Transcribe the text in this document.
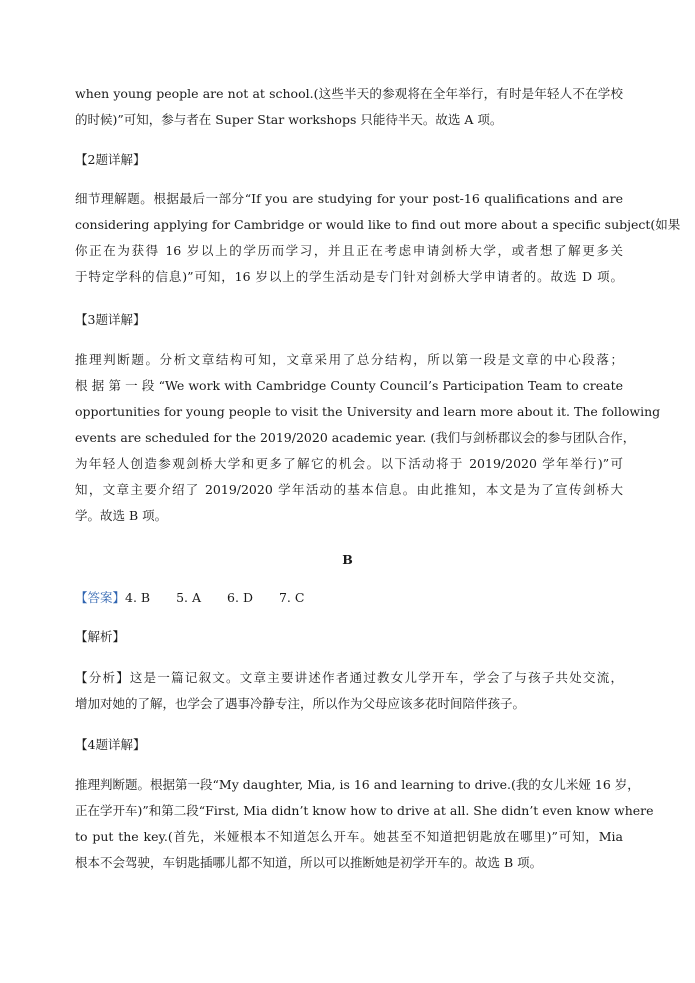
when young people are not at school.(这些半天的参观将在全年举行，有时是年轻人不在学校
的时候)”可知，参与者在 Super Star workshops 只能待半天。故选 A 项。
【2题详解】
细节理解题。根据最后一部分“If you are studying for your post-16 qualifications and are
considering applying for Cambridge or would like to find out more about a specific subject(如果
你正在为获得 16 岁以上的学历而学习，并且正在考虑申请剑桥大学，或者想了解更多关
于特定学科的信息)”可知，16 岁以上的学生活动是专门针对剑桥大学申请者的。故选 D 项。
【3题详解】
推理判断题。分析文章结构可知，文章采用了总分结构，所以第一段是文章的中心段落；
根 据 第 一 段 “We work with Cambridge County Council’s Participation Team to create
opportunities for young people to visit the University and learn more about it. The following
events are scheduled for the 2019/2020 academic year. (我们与剑桥郡议会的参与团队合作，
为年轻人创造参观剑桥大学和更多了解它的机会。以下活动将于 2019/2020 学年举行)”可
知，文章主要介绍了 2019/2020 学年活动的基本信息。由此推知，本文是为了宣传剑桥大
学。故选 B 项。
B
【答案】4. B 5. A 6. D 7. C
【解析】
【分析】这是一篇记叙文。文章主要讲述作者通过教女儿学开车，学会了与孩子共处交流，
增加对她的了解，也学会了遇事冷静专注，所以作为父母应该多花时间陪伴孩子。
【4题详解】
推理判断题。根据第一段“My daughter, Mia, is 16 and learning to drive.(我的女儿米娅 16 岁，
正在学开车)”和第二段“First, Mia didn’t know how to drive at all. She didn’t even know where
to put the key.(首先，米娅根本不知道怎么开车。她甚至不知道把钥匙放在哪里)”可知，Mia
根本不会驾驶，车钥匙插哪儿都不知道，所以可以推断她是初学开车的。故选 B 项。
